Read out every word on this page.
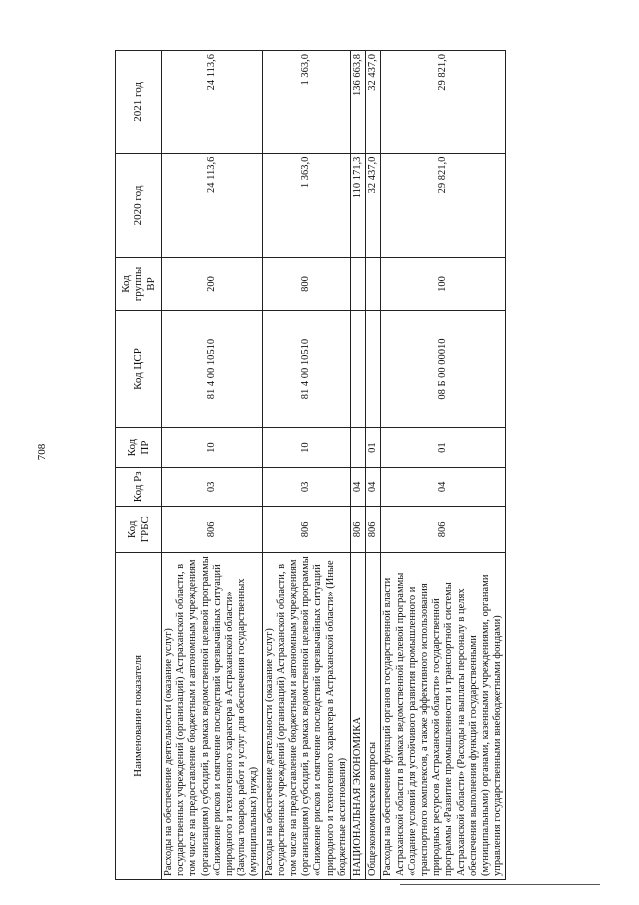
708
Наименование показателя	Код ГРБС	Код Рз	Код ПР	Код ЦСР	Код группы ВР	2020 год	2021 год
Расходы на обеспечение деятельности (оказание услуг) государственных учреждений (организаций) Астраханской области, в том числе на предоставление бюджетным и автономным учреждениям (организациям) субсидий, в рамках ведомственной целевой программы «Снижение рисков и смягчение последствий чрезвычайных ситуаций природного и техногенного характера в Астраханской области» (Закупка товаров, работ и услуг для обеспечения государственных (муниципальных) нужд)	806	03	10	81 4 00 10510	200	24 113,6	24 113,6
Расходы на обеспечение деятельности (оказание услуг) государственных учреждений (организаций) Астраханской области, в том числе на предоставление бюджетным и автономным учреждениям (организациям) субсидий, в рамках ведомственной целевой программы «Снижение рисков и смягчение последствий чрезвычайных ситуаций природного и техногенного характера в Астраханской области» (Иные бюджетные ассигнования)	806	03	10	81 4 00 10510	800	1 363,0	1 363,0
НАЦИОНАЛЬНАЯ ЭКОНОМИКА	806	04				110 171,3	136 663,8
Общеэкономические вопросы	806	04	01			32 437,0	32 437,0
Расходы на обеспечение функций органов государственной власти Астраханской области в рамках ведомственной целевой программы «Создание условий для устойчивого развития промышленного и транспортного комплексов, а также эффективного использования природных ресурсов Астраханской области» государственной программы «Развитие промышленности и транспортной системы Астраханской области» (Расходы на выплаты персоналу в целях обеспечения выполнения функций государственными (муниципальными) органами, казенными учреждениями, органами управления государственными внебюджетными фондами)	806	04	01	08 Б 00 00010	100	29 821,0	29 821,0
